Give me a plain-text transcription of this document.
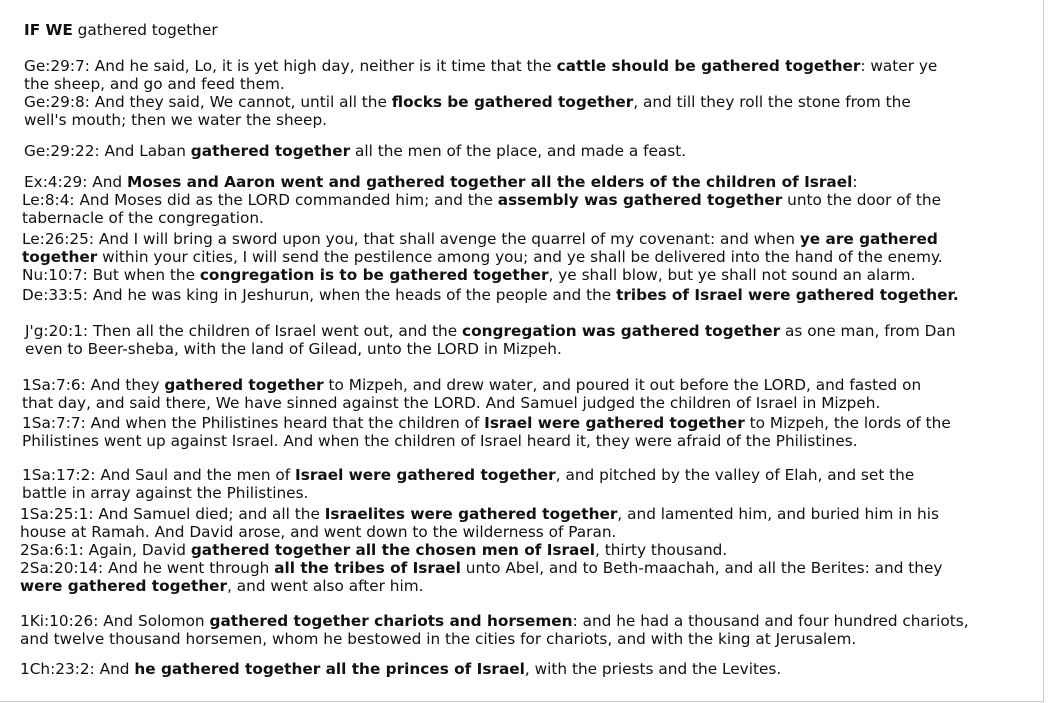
IF WE gathered together
Ge:29:7: And he said, Lo, it is yet high day, neither is it time that the cattle should be gathered together: water ye
the sheep, and go and feed them.
Ge:29:8: And they said, We cannot, until all the flocks be gathered together, and till they roll the stone from the
well's mouth; then we water the sheep.
Ge:29:22: And Laban gathered together all the men of the place, and made a feast.
Ex:4:29: And Moses and Aaron went and gathered together all the elders of the children of Israel:
Le:8:4: And Moses did as the LORD commanded him; and the assembly was gathered together unto the door of the
tabernacle of the congregation.
Le:26:25: And I will bring a sword upon you, that shall avenge the quarrel of my covenant: and when ye are gathered
together within your cities, I will send the pestilence among you; and ye shall be delivered into the hand of the enemy.
Nu:10:7: But when the congregation is to be gathered together, ye shall blow, but ye shall not sound an alarm.
De:33:5: And he was king in Jeshurun, when the heads of the people and the tribes of Israel were gathered together.
J'g:20:1: Then all the children of Israel went out, and the congregation was gathered together as one man, from Dan
even to Beer-sheba, with the land of Gilead, unto the LORD in Mizpeh.
1Sa:7:6: And they gathered together to Mizpeh, and drew water, and poured it out before the LORD, and fasted on
that day, and said there, We have sinned against the LORD. And Samuel judged the children of Israel in Mizpeh.
1Sa:7:7: And when the Philistines heard that the children of Israel were gathered together to Mizpeh, the lords of the
Philistines went up against Israel. And when the children of Israel heard it, they were afraid of the Philistines.
1Sa:17:2: And Saul and the men of Israel were gathered together, and pitched by the valley of Elah, and set the
battle in array against the Philistines.
1Sa:25:1: And Samuel died; and all the Israelites were gathered together, and lamented him, and buried him in his
house at Ramah. And David arose, and went down to the wilderness of Paran.
2Sa:6:1: Again, David gathered together all the chosen men of Israel, thirty thousand.
2Sa:20:14: And he went through all the tribes of Israel unto Abel, and to Beth-maachah, and all the Berites: and they
were gathered together, and went also after him.
1Ki:10:26: And Solomon gathered together chariots and horsemen: and he had a thousand and four hundred chariots,
and twelve thousand horsemen, whom he bestowed in the cities for chariots, and with the king at Jerusalem.
1Ch:23:2: And he gathered together all the princes of Israel, with the priests and the Levites.
